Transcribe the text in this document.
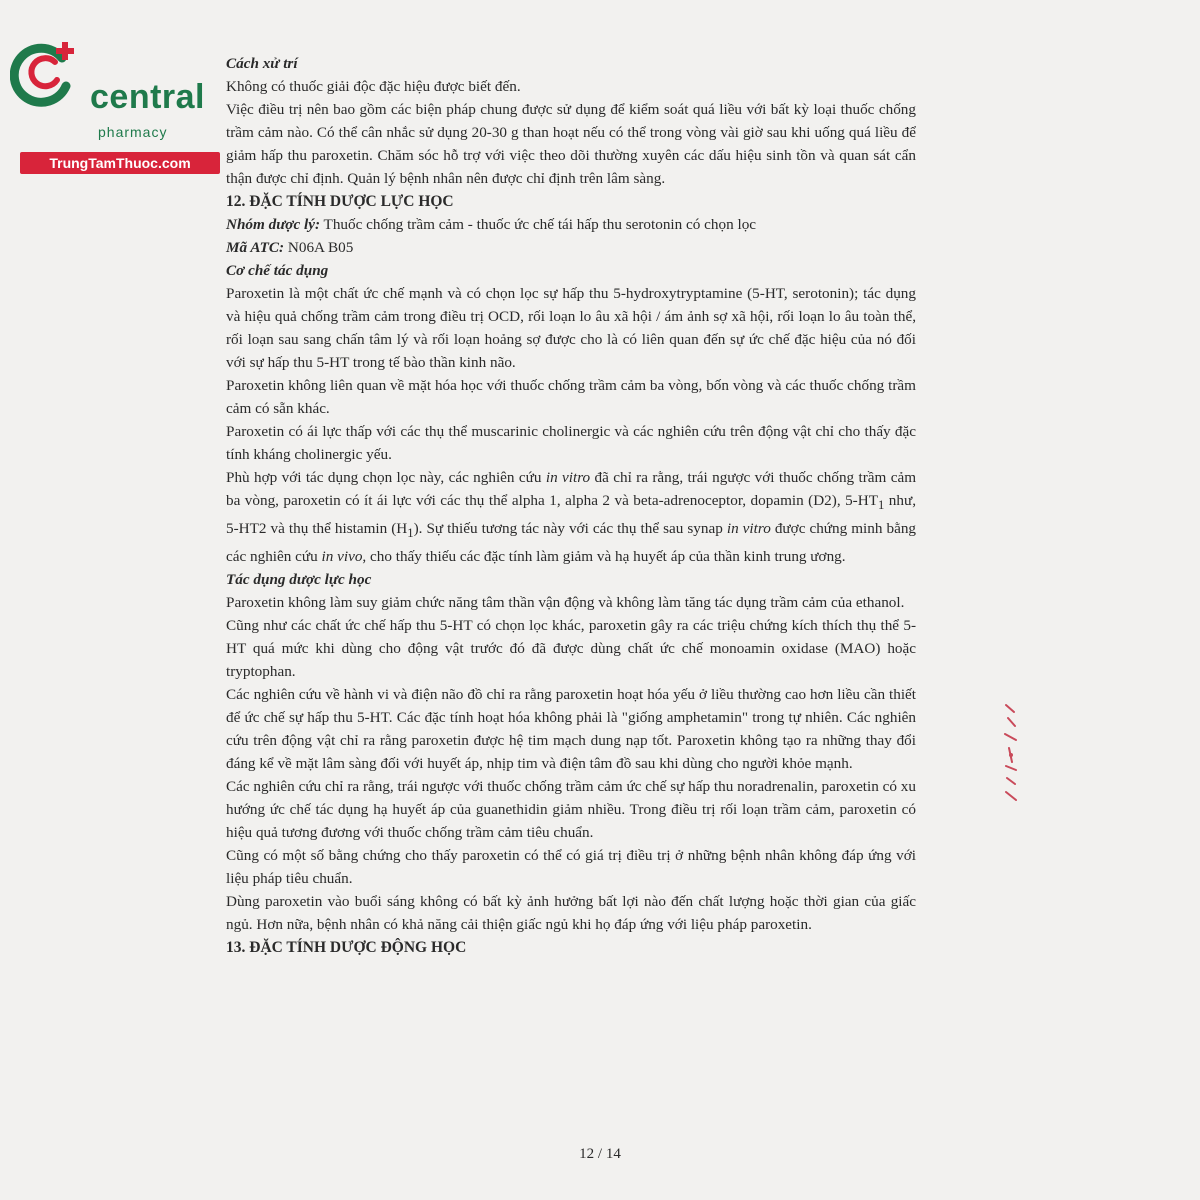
central
pharmacy
TrungTamThuoc.com

Cách xử trí

Không có thuốc giải độc đặc hiệu được biết đến.

Việc điều trị nên bao gồm các biện pháp chung được sử dụng để kiểm soát quá liều với bất kỳ loại thuốc chống trầm cảm nào. Có thể cân nhắc sử dụng 20-30 g than hoạt nếu có thể trong vòng vài giờ sau khi uống quá liều để giảm hấp thu paroxetin. Chăm sóc hỗ trợ với việc theo dõi thường xuyên các dấu hiệu sinh tồn và quan sát cẩn thận được chỉ định. Quản lý bệnh nhân nên được chỉ định trên lâm sàng.

12. ĐẶC TÍNH DƯỢC LỰC HỌC

Nhóm dược lý: Thuốc chống trầm cảm - thuốc ức chế tái hấp thu serotonin có chọn lọc

Mã ATC: N06A B05

Cơ chế tác dụng

Paroxetin là một chất ức chế mạnh và có chọn lọc sự hấp thu 5-hydroxytryptamine (5-HT, serotonin); tác dụng và hiệu quả chống trầm cảm trong điều trị OCD, rối loạn lo âu xã hội / ám ảnh sợ xã hội, rối loạn lo âu toàn thể, rối loạn sau sang chấn tâm lý và rối loạn hoảng sợ được cho là có liên quan đến sự ức chế đặc hiệu của nó đối với sự hấp thu 5-HT trong tế bào thần kinh não.

Paroxetin không liên quan về mặt hóa học với thuốc chống trầm cảm ba vòng, bốn vòng và các thuốc chống trầm cảm có sẵn khác.

Paroxetin có ái lực thấp với các thụ thể muscarinic cholinergic và các nghiên cứu trên động vật chỉ cho thấy đặc tính kháng cholinergic yếu.

Phù hợp với tác dụng chọn lọc này, các nghiên cứu in vitro đã chỉ ra rằng, trái ngược với thuốc chống trầm cảm ba vòng, paroxetin có ít ái lực với các thụ thể alpha 1, alpha 2 và beta-adrenoceptor, dopamin (D2), $5-HT_1$ như, 5-HT2 và thụ thể histamin $(H_1)$. Sự thiếu tương tác này với các thụ thể sau synap in vitro được chứng minh bằng các nghiên cứu in vivo, cho thấy thiếu các đặc tính làm giảm và hạ huyết áp của thần kinh trung ương.

Tác dụng dược lực học

Paroxetin không làm suy giảm chức năng tâm thần vận động và không làm tăng tác dụng trầm cảm của ethanol.

Cũng như các chất ức chế hấp thu 5-HT có chọn lọc khác, paroxetin gây ra các triệu chứng kích thích thụ thể 5-HT quá mức khi dùng cho động vật trước đó đã được dùng chất ức chế monoamin oxidase (MAO) hoặc tryptophan.

Các nghiên cứu về hành vi và điện não đồ chỉ ra rằng paroxetin hoạt hóa yếu ở liều thường cao hơn liều cần thiết để ức chế sự hấp thu 5-HT. Các đặc tính hoạt hóa không phải là "giống amphetamin" trong tự nhiên. Các nghiên cứu trên động vật chỉ ra rằng paroxetin được hệ tim mạch dung nạp tốt. Paroxetin không tạo ra những thay đổi đáng kể về mặt lâm sàng đối với huyết áp, nhịp tim và điện tâm đồ sau khi dùng cho người khỏe mạnh.

Các nghiên cứu chỉ ra rằng, trái ngược với thuốc chống trầm cảm ức chế sự hấp thu noradrenalin, paroxetin có xu hướng ức chế tác dụng hạ huyết áp của guanethidin giảm nhiều. Trong điều trị rối loạn trầm cảm, paroxetin có hiệu quả tương đương với thuốc chống trầm cảm tiêu chuẩn.

Cũng có một số bằng chứng cho thấy paroxetin có thể có giá trị điều trị ở những bệnh nhân không đáp ứng với liệu pháp tiêu chuẩn.

Dùng paroxetin vào buổi sáng không có bất kỳ ảnh hưởng bất lợi nào đến chất lượng hoặc thời gian của giấc ngủ. Hơn nữa, bệnh nhân có khả năng cải thiện giấc ngủ khi họ đáp ứng với liệu pháp paroxetin.

13. ĐẶC TÍNH DƯỢC ĐỘNG HỌC

12 / 14
